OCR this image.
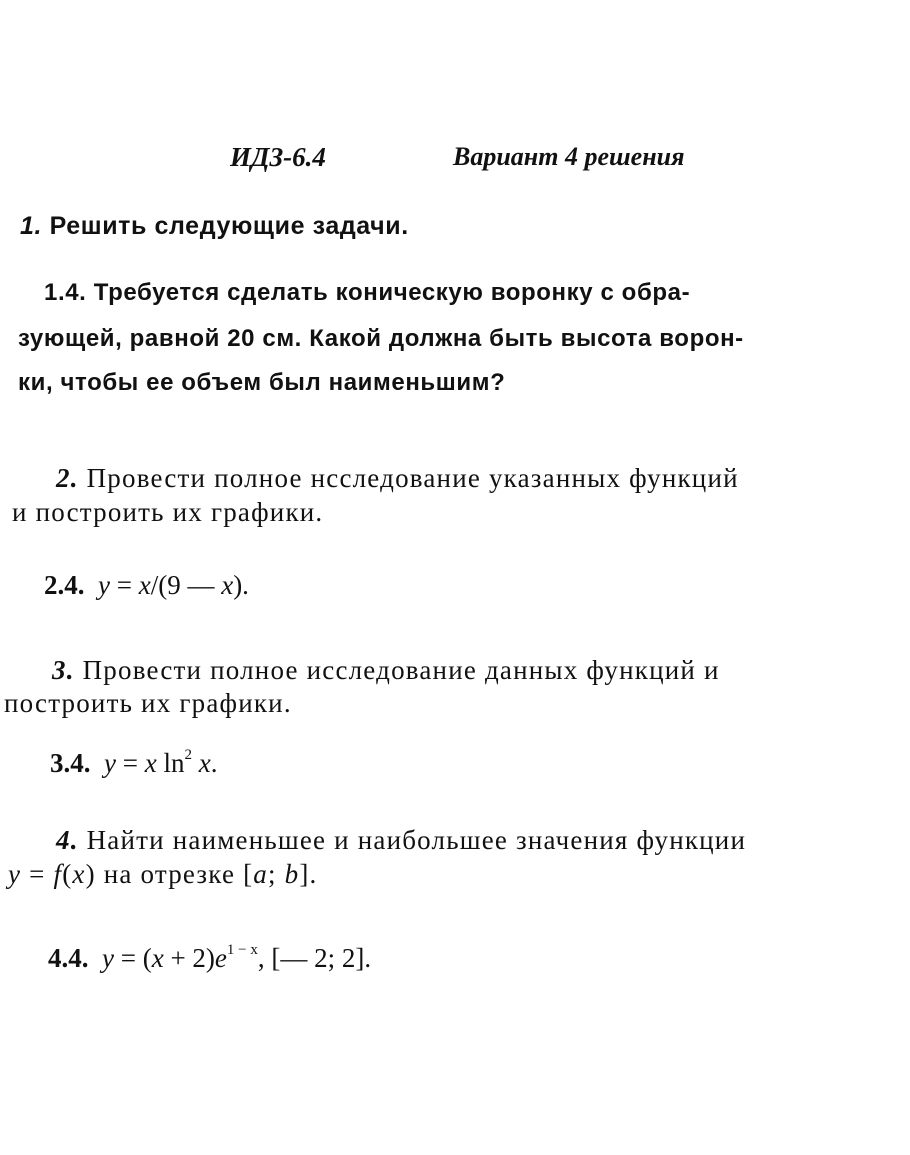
ИДЗ-6.4	Вариант 4 решения
1. Решить следующие задачи.
1.4. Требуется сделать коническую воронку с обра-
зующей, равной 20 см. Какой должна быть высота ворон-
ки, чтобы ее объем был наименьшим?
2. Провести полное нсследование указанных функций
и построить их графики.
2.4. y = x/(9 — x).
3. Провести полное исследование данных функций и
построить их графики.
3.4. y = x $\ln^2 x$.
4. Найти наименьшее и наибольшее значения функции
y = f(x) на отрезке [a; b].
4.4. $y = (x + 2)e^{1 - x}$, [— 2; 2].
